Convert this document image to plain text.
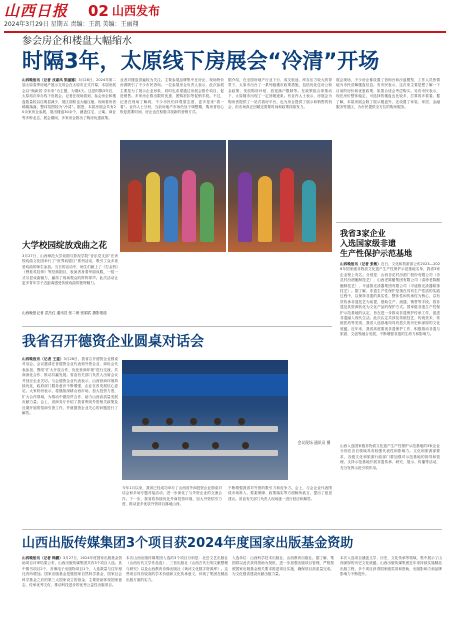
山西日报	02 山西发布
2024年3月29日 星期五 责编：王凯 美编：王丽翔
参会房企和楼盘大幅缩水
时隔3年，太原线下房展会“冷清”开场
山西晚报讯（记者 戎素凤 梁丽娜）3月28日，2024年第二届太原春季房地产展示交易会在太原市正式开幕，本届房展会以“焕新居·享未来”为主题，为期4天。这是时隔3年后，太原再次举办线下房展会。记者在现场看到，参会房企和楼盘数量较以往明显减少，展区面积也大幅压缩，现场看房者稀稀落落，整体氛围较为“冷清”。据悉，本届房展会共有20余家房企参展，展出楼盘30余个，涵盖住宅、公寓、商业等多种业态，展会期间，多家房企推出了购房优惠政策。
业者对楼盘普遍较为关注。主要参展品牌集中在房企，现场特价房源吸引了不少市民咨询。一位参展房企负责人表示，此次参展主要是为了展示企业形象，同时也希望通过房展会推介项目，促进销售。多家房企推出限时优惠、团购折扣等促销手段。不过，记者在现场了解到，不少市民仍持观望态度，更多是来“看一看”。业内人士分析，当前房地产市场仍处于调整期，购房者信心恢复需要时间，房企也在积极寻找新的营销方式。
据介绍，在全国房地产行业下行、成交低迷、库存压力较大的背景下，太原市出台了一系列稳楼市政策措施，包括优化住房公积金政策、发放购房补贴、放宽落户限制等。在政策组合拳推动下，太原楼市出现了一定回暖迹象。有业内人士表示，房展会为购房者提供了一站式看房平台，也为房企提供了展示和销售的机会，但市场真正回暖还需要时间和政策持续发力。
展会现场，不少房企都设置了咨询台和沙盘模型，工作人员热情地为市民讲解楼盘信息。有市民表示，这次来主要是想了解一下目前的房价和优惠政策，如果合适会考虑购买。另有市民表示，现在房价整体稳定，可选择的楼盘也比较多，打算再多看看。据了解，本届房展会除了展示楼盘外，还设置了家装、家居、金融服务等展区，为市民提供全方位的购房服务。
大学校园绽放戏曲之花
3月27日，山西师范大学戏剧与影视学院“音乐党支部”在该校戏曲文化园举行了“世界戏剧日”系列活动，吸引了众多喜爱戏曲的师生参加。当日的活动中，师生们献上了《打金枝》《穆桂英挂帅》等经典剧目，表演者身着华丽戏服，一招一式尽显戏曲魅力，赢得了现场观众的阵阵掌声。此次活动让更多青年学子近距离感受传统戏曲的独特魅力。
山西晚报记者 武杰红 通讯员 张二保 张娟武 摄影报道
我省3家企业
入选国家级非遗
生产性保护示范基地
山西晚报讯（记者 张敏）近日，文化和旅游部公布2023—2026年国家级非物质文化遗产生产性保护示范基地名单，我省3家企业榜上有名。分别是：山西杏花村汾酒厂股份有限公司（杏花村汾酒酿制技艺）、山西老陈醋集团有限公司（清徐老陈醋酿制技艺）、平遥推光漆器集团有限公司（平遥推光漆器髹饰技艺）。据了解，非遗生产性保护是指在具有生产性质的实践过程中，以保持非遗的真实性、整体性和传承性为核心，以有效传承非遗技艺为前提，借助生产、流通、销售等手段，将非遗及其资源转化为文化产品的保护方式。国家级非遗生产性保护示范基地的认定，旨在进一步推动非遗保护传承工作，促进非遗融入现代生活。此次认定共涉及传统技艺、传统美术、传统医药等类别，我省入选基地均具有悠久的历史和深厚的文化底蕴。近年来，我省高度重视非遗保护工作，积极推动非遗与旅游、文创等融合发展，不断增强非遗的生命力和影响力。
山西入选国家级非物质文化遗产生产性保护示范基地的3家企业分别在各自领域具有较强代表性和影响力。文化和旅游部要求，各级文化和旅游行政部门要加强对示范基地的指导和管理，支持示范基地开展非遗传承、研究、展示、传播等活动，充分发挥示范引领作用。
我省召开德资企业圆桌对话会
山西晚报讯（记者 王童）3月28日，我省召开德资企业圆桌对话会。会议邀请在晋德资企业代表和外资企业、商协会代表参加，围绕“扩大开放合作、优化营商环境”进行交流，共商深化合作、推动共赢发展。省直有关部门负责人出席会议并回应企业关切。与会德资企业代表表示，山西营商环境持续优化，政府部门服务意识不断增强，企业在晋发展信心更足。大家纷纷表示，将继续深耕山西市场，加大投资力度，扩大合作领域，为推动中德经贸合作、助力山西高质量发展贡献力量。会上，省商务厅介绍了我省利用外资相关政策及近期开展的招商引资工作，并就德资企业关心的问题进行了解答。
会议现场 通讯员 摄
今年1月以来，我省已经成功举办了山西省外商投资企业圆桌对话会和多场专题对接活动，进一步深化了与外资企业的交流合作。下一步，我省将持续优化外商投资环境，加大外资招引力度，推动更多优质外资项目落地山西。
不断增强我省对外资的吸引力和竞争力。会上，与会企业代表围绕市场准入、要素保障、政策落实等方面畅所欲言，提出了意见建议。省直有关部门负责人现场逐一进行回应和解答。
山西出版传媒集团3个项目获2024年度国家出版基金资助
山西晚报讯（记者 韩鹏）3月27日，2024年度国家出版基金资助项目评审结果公布，山西出版传媒集团共有3个项目入选。其中图书项目2个，音像电子出版物项目1个，入选数量与往年相比有所增加。国家出版基金是继国家自然科学基金、国家社会科学基金之后的第三大国家设立的基金，主要资助体现国家意志、传承优秀文化、推动科技进步的优秀公益性出版项目。
本次山西出版传媒集团入选的3个项目分别是：北岳文艺出版社《山西历代文学作品选》、三晋出版社《山西古代石刻文献整理与研究》以及山西教育音像出版社《黄河文化数字资源库》。这些项目具有较高的学术价值和文化传承意义，体现了集团在精品出版方面的实力。
入选单位：山西科学技术出版社、山西教育出版社。据了解，集团将以此次获得资助为契机，进一步加强出版项目管理，严格按照国家出版基金相关要求推进项目实施，确保项目高质量完成，为文化强省建设贡献出版力量。
本次入选项目涵盖文学、历史、文化传承等领域，集中展示了山西深厚的历史文化底蕴。山西出版传媒集团近年来持续实施精品出版工程，多个项目获得国家级奖项和资助，出版影响力和品牌影响力不断提升。
